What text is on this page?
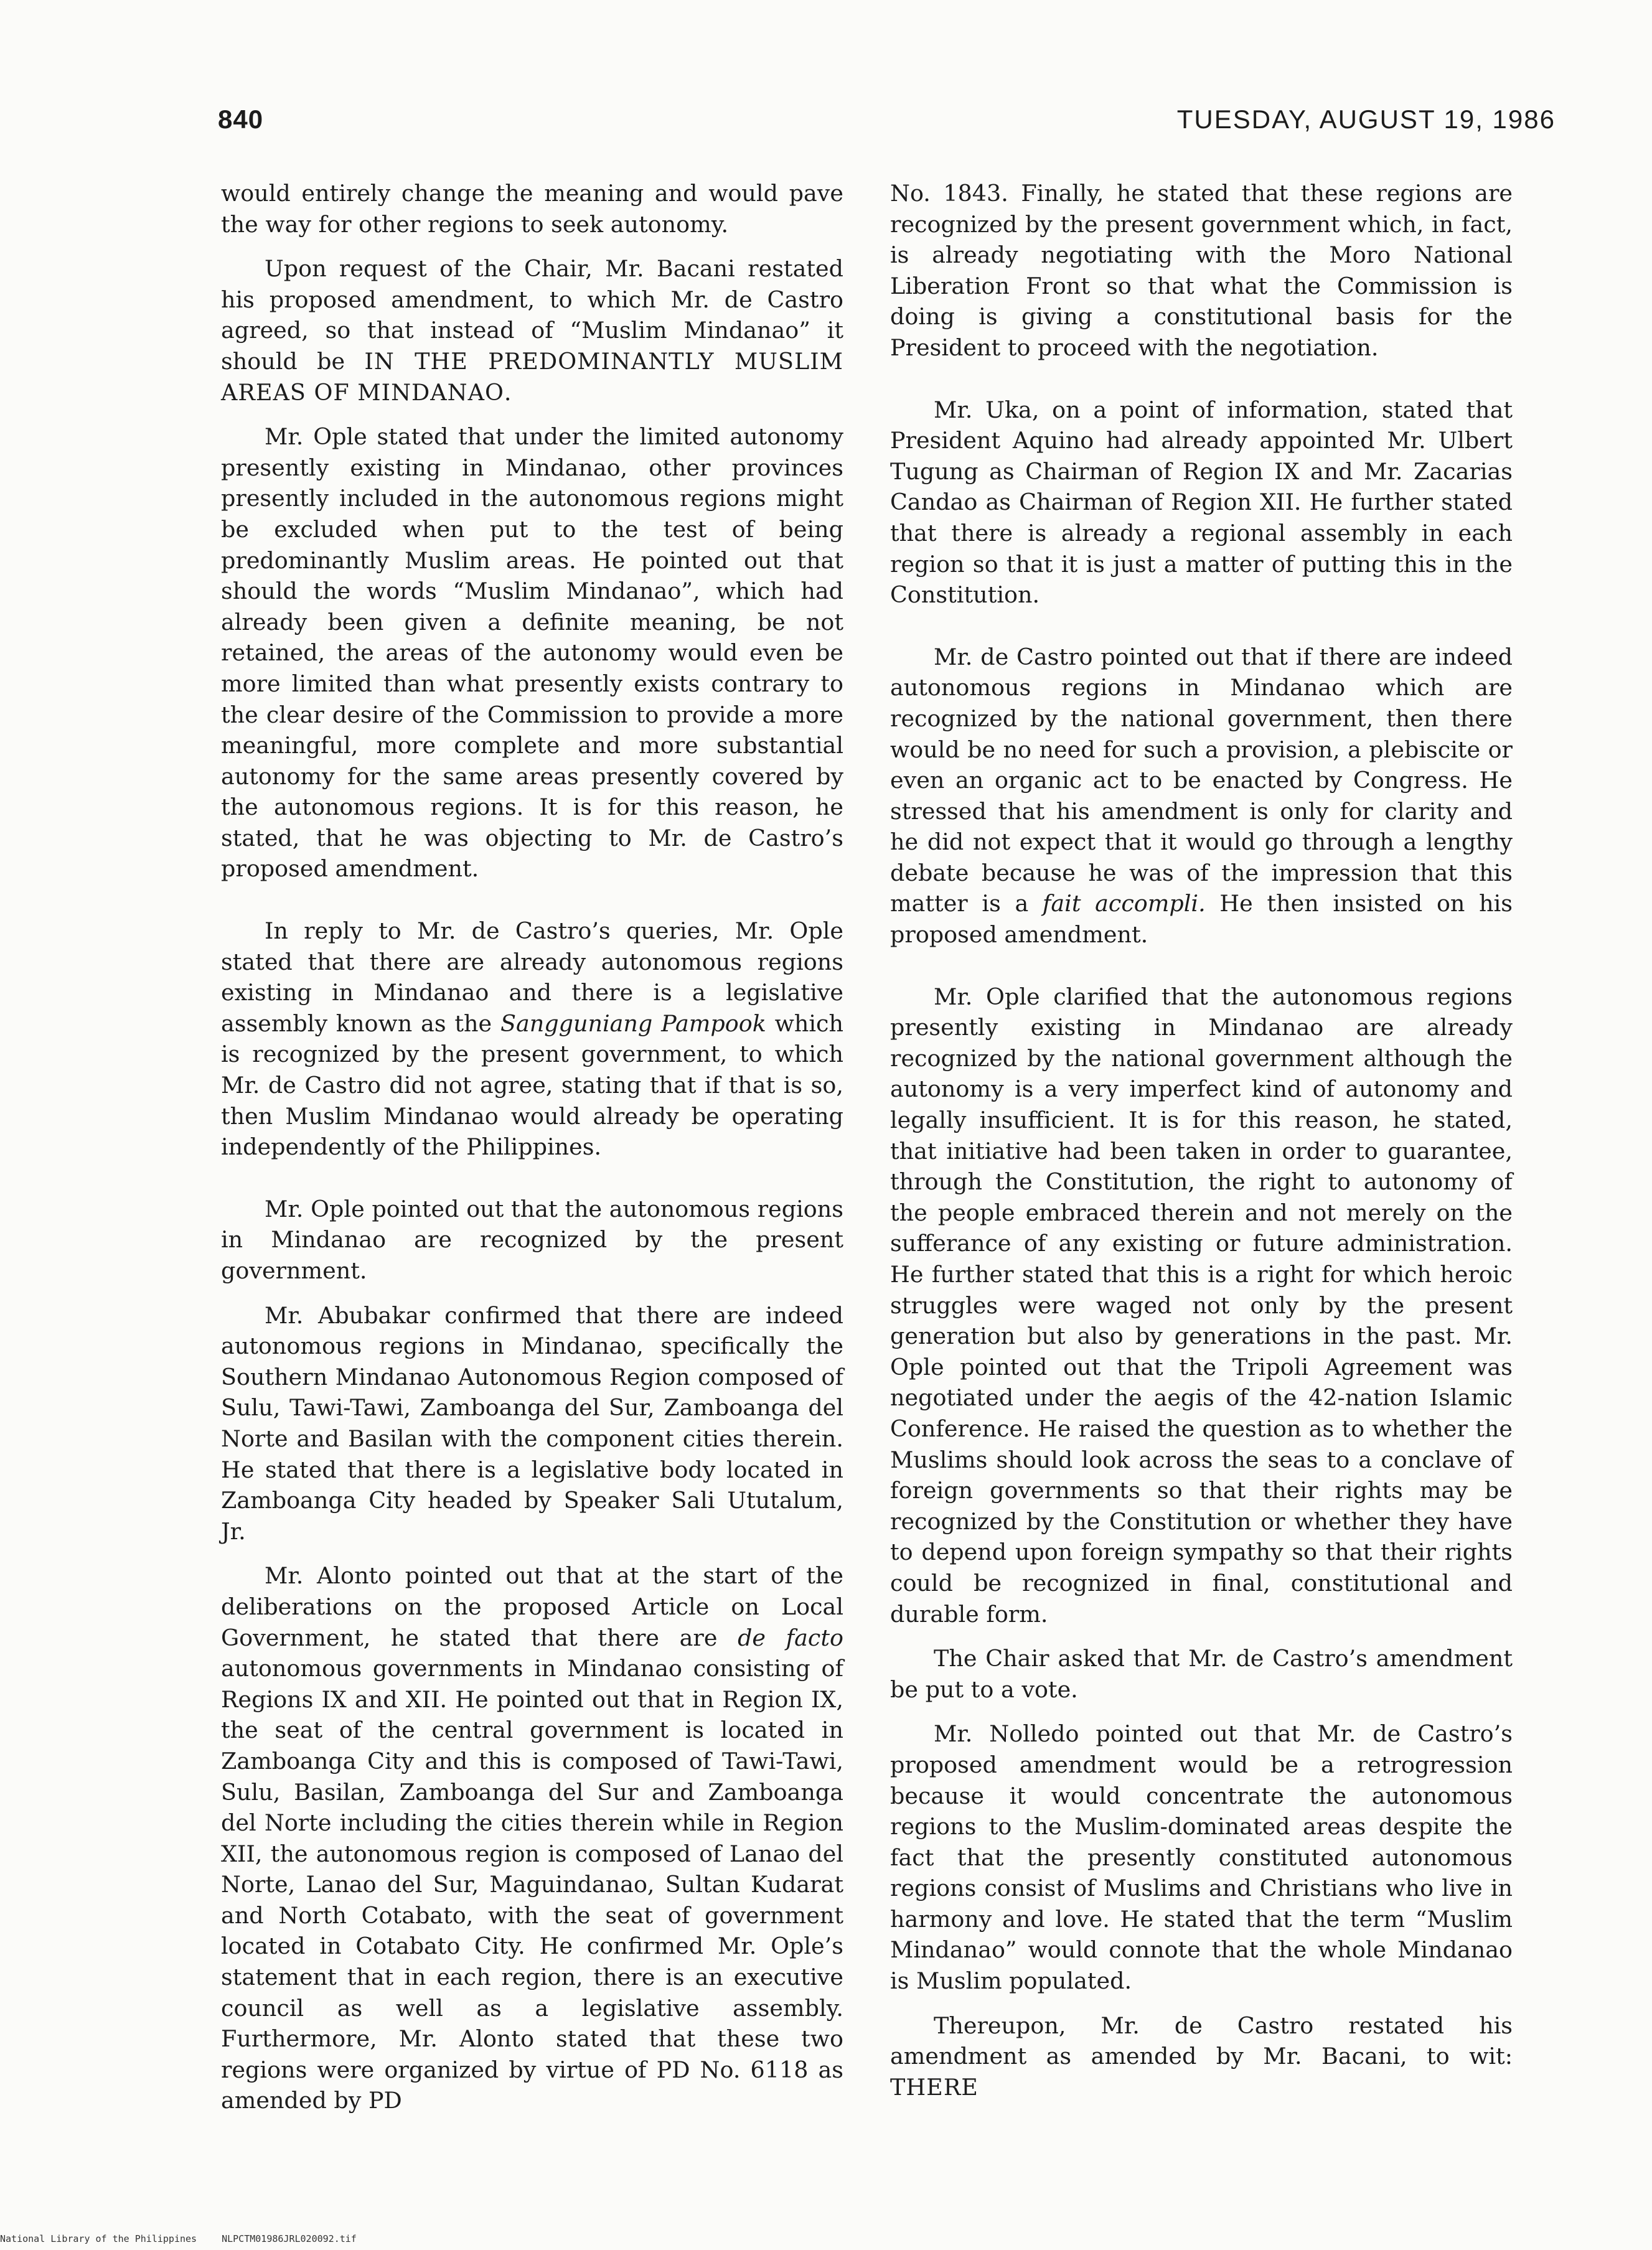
840	TUESDAY, AUGUST 19, 1986

would entirely change the meaning and would pave the way for other regions to seek autonomy.

Upon request of the Chair, Mr. Bacani restated his proposed amendment, to which Mr. de Castro agreed, so that instead of “Muslim Mindanao” it should be IN THE PREDOMINANTLY MUSLIM AREAS OF MINDANAO.

Mr. Ople stated that under the limited autonomy presently existing in Mindanao, other provinces presently included in the autonomous regions might be excluded when put to the test of being predominantly Muslim areas. He pointed out that should the words “Muslim Mindanao”, which had already been given a definite meaning, be not retained, the areas of the autonomy would even be more limited than what presently exists contrary to the clear desire of the Commission to provide a more meaningful, more complete and more substantial autonomy for the same areas presently covered by the autonomous regions. It is for this reason, he stated, that he was objecting to Mr. de Castro’s proposed amendment.

In reply to Mr. de Castro’s queries, Mr. Ople stated that there are already autonomous regions existing in Mindanao and there is a legislative assembly known as the Sangguniang Pampook which is recognized by the present government, to which Mr. de Castro did not agree, stating that if that is so, then Muslim Mindanao would already be operating independently of the Philippines.

Mr. Ople pointed out that the autonomous regions in Mindanao are recognized by the present government.

Mr. Abubakar confirmed that there are indeed autonomous regions in Mindanao, specifically the Southern Mindanao Autonomous Region composed of Sulu, Tawi-Tawi, Zamboanga del Sur, Zamboanga del Norte and Basilan with the component cities therein. He stated that there is a legislative body located in Zamboanga City headed by Speaker Sali Ututalum, Jr.

Mr. Alonto pointed out that at the start of the deliberations on the proposed Article on Local Government, he stated that there are de facto autonomous governments in Mindanao consisting of Regions IX and XII. He pointed out that in Region IX, the seat of the central government is located in Zamboanga City and this is composed of Tawi-Tawi, Sulu, Basilan, Zamboanga del Sur and Zamboanga del Norte including the cities therein while in Region XII, the autonomous region is composed of Lanao del Norte, Lanao del Sur, Maguindanao, Sultan Kudarat and North Cotabato, with the seat of government located in Cotabato City. He confirmed Mr. Ople’s statement that in each region, there is an executive council as well as a legislative assembly. Furthermore, Mr. Alonto stated that these two regions were organized by virtue of PD No. 6118 as amended by PD

No. 1843. Finally, he stated that these regions are recognized by the present government which, in fact, is already negotiating with the Moro National Liberation Front so that what the Commission is doing is giving a constitutional basis for the President to proceed with the negotiation.

Mr. Uka, on a point of information, stated that President Aquino had already appointed Mr. Ulbert Tugung as Chairman of Region IX and Mr. Zacarias Candao as Chairman of Region XII. He further stated that there is already a regional assembly in each region so that it is just a matter of putting this in the Constitution.

Mr. de Castro pointed out that if there are indeed autonomous regions in Mindanao which are recognized by the national government, then there would be no need for such a provision, a plebiscite or even an organic act to be enacted by Congress. He stressed that his amendment is only for clarity and he did not expect that it would go through a lengthy debate because he was of the impression that this matter is a fait accompli. He then insisted on his proposed amendment.

Mr. Ople clarified that the autonomous regions presently existing in Mindanao are already recognized by the national government although the autonomy is a very imperfect kind of autonomy and legally insufficient. It is for this reason, he stated, that initiative had been taken in order to guarantee, through the Constitution, the right to autonomy of the people embraced therein and not merely on the sufferance of any existing or future administration. He further stated that this is a right for which heroic struggles were waged not only by the present generation but also by generations in the past. Mr. Ople pointed out that the Tripoli Agreement was negotiated under the aegis of the 42-nation Islamic Conference. He raised the question as to whether the Muslims should look across the seas to a conclave of foreign governments so that their rights may be recognized by the Constitution or whether they have to depend upon foreign sympathy so that their rights could be recognized in final, constitutional and durable form.

The Chair asked that Mr. de Castro’s amendment be put to a vote.

Mr. Nolledo pointed out that Mr. de Castro’s proposed amendment would be a retrogression because it would concentrate the autonomous regions to the Muslim-dominated areas despite the fact that the presently constituted autonomous regions consist of Muslims and Christians who live in harmony and love. He stated that the term “Muslim Mindanao” would connote that the whole Mindanao is Muslim populated.

Thereupon, Mr. de Castro restated his amendment as amended by Mr. Bacani, to wit: THERE

National Library of the Philippines	NLPCTM01986JRL020092.tif
